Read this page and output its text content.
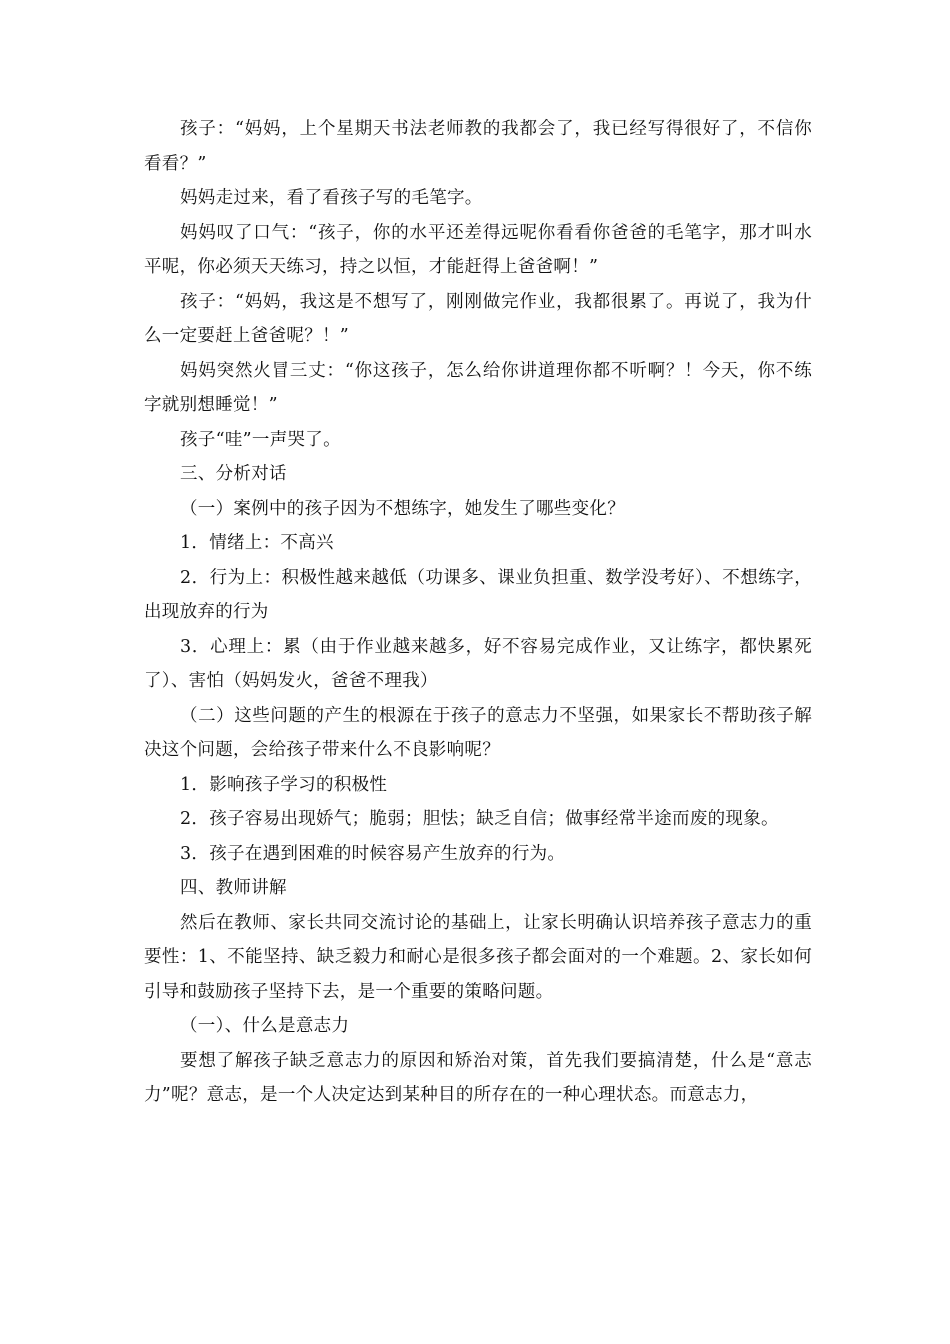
孩子：“妈妈，上个星期天书法老师教的我都会了，我已经写得很好了，不信你看看？”

妈妈走过来，看了看孩子写的毛笔字。

妈妈叹了口气：“孩子，你的水平还差得远呢你看看你爸爸的毛笔字，那才叫水平呢，你必须天天练习，持之以恒，才能赶得上爸爸啊！”

孩子：“妈妈，我这是不想写了，刚刚做完作业，我都很累了。再说了，我为什么一定要赶上爸爸呢？！”

妈妈突然火冒三丈：“你这孩子，怎么给你讲道理你都不听啊？！今天，你不练字就别想睡觉！”

孩子“哇”一声哭了。

三、分析对话

（一）案例中的孩子因为不想练字，她发生了哪些变化？

1．情绪上：不高兴

2．行为上：积极性越来越低（功课多、课业负担重、数学没考好）、不想练字，出现放弃的行为

3．心理上：累（由于作业越来越多，好不容易完成作业，又让练字，都快累死了）、害怕（妈妈发火，爸爸不理我）

（二）这些问题的产生的根源在于孩子的意志力不坚强，如果家长不帮助孩子解决这个问题，会给孩子带来什么不良影响呢？

1．影响孩子学习的积极性

2．孩子容易出现娇气；脆弱；胆怯；缺乏自信；做事经常半途而废的现象。

3．孩子在遇到困难的时候容易产生放弃的行为。

四、教师讲解

然后在教师、家长共同交流讨论的基础上，让家长明确认识培养孩子意志力的重要性：1、不能坚持、缺乏毅力和耐心是很多孩子都会面对的一个难题。2、家长如何引导和鼓励孩子坚持下去，是一个重要的策略问题。

（一）、什么是意志力

要想了解孩子缺乏意志力的原因和矫治对策，首先我们要搞清楚，什么是“意志力”呢？意志，是一个人决定达到某种目的所存在的一种心理状态。而意志力，
